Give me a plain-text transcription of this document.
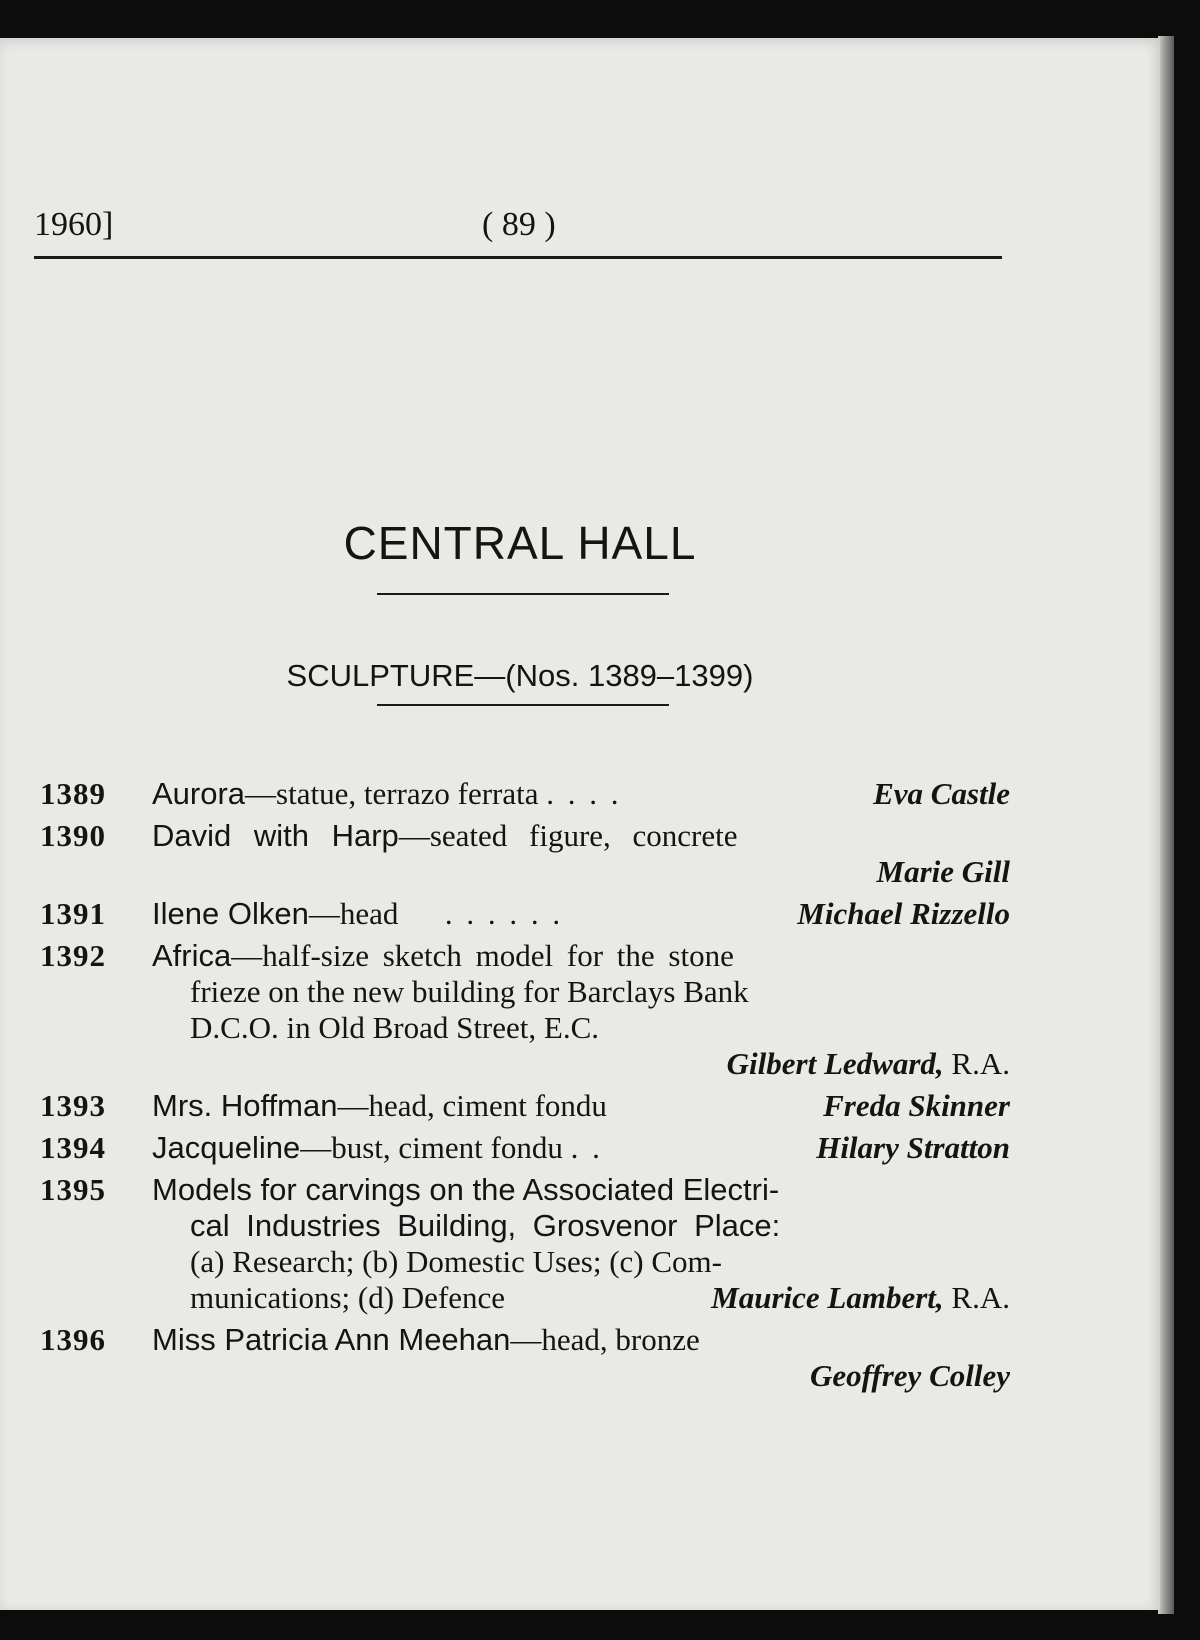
1960]	( 89 )
CENTRAL HALL
SCULPTURE—(Nos. 1389–1399)
1389	Aurora—statue, terrazo ferrata . . . .	Eva Castle
1390	David with Harp—seated figure, concrete
Marie Gill
1391	Ilene Olken—head . . . . . .	Michael Rizzello
1392	Africa—half-size sketch model for the stone
frieze on the new building for Barclays Bank
D.C.O. in Old Broad Street, E.C.
Gilbert Ledward, R.A.
1393	Mrs. Hoffman—head, ciment fondu	Freda Skinner
1394	Jacqueline—bust, ciment fondu . .	Hilary Stratton
1395	Models for carvings on the Associated Electri-
cal Industries Building, Grosvenor Place:
(a) Research; (b) Domestic Uses; (c) Com-
munications; (d) Defence	Maurice Lambert, R.A.
1396	Miss Patricia Ann Meehan—head, bronze
Geoffrey Colley
